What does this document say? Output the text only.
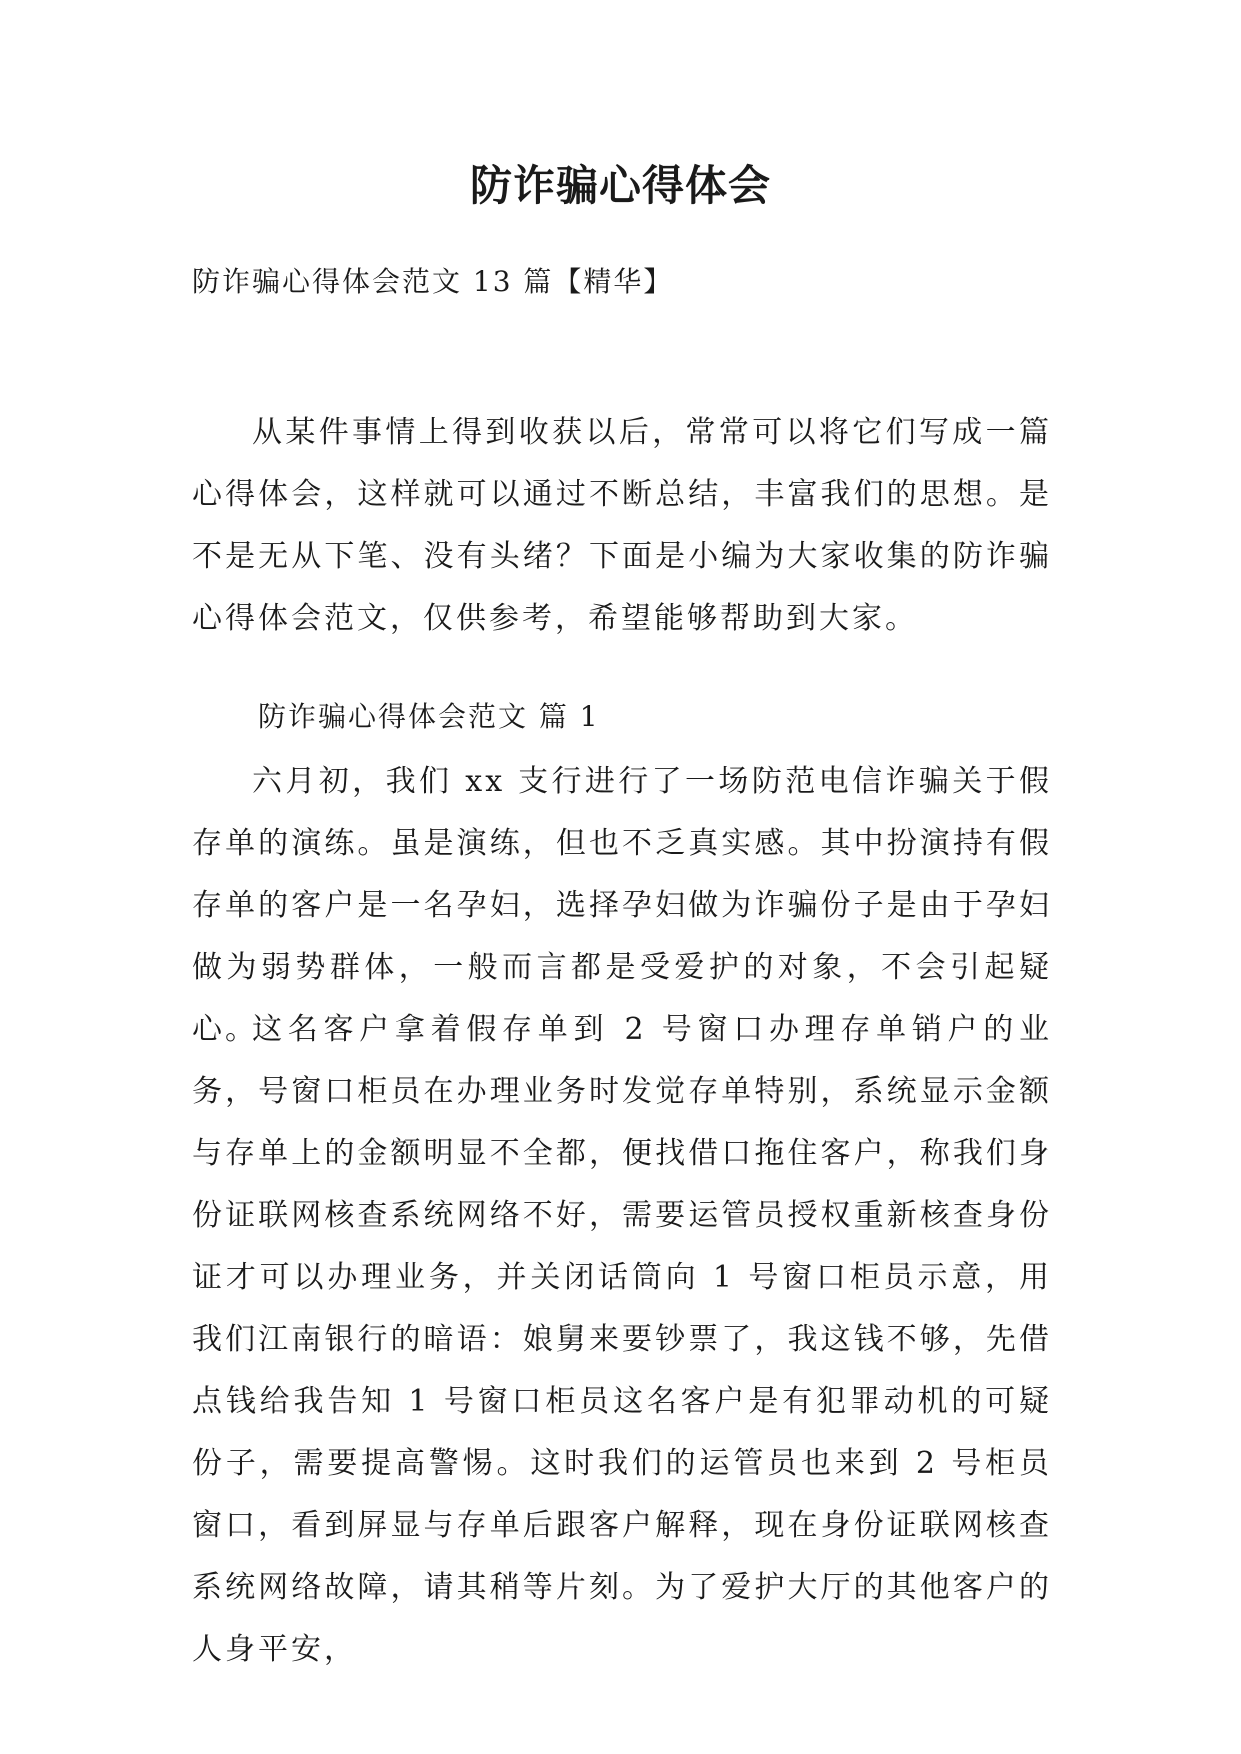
防诈骗心得体会
防诈骗心得体会范文 13 篇【精华】

从某件事情上得到收获以后，常常可以将它们写成一篇心得体会，这样就可以通过不断总结，丰富我们的思想。是不是无从下笔、没有头绪？下面是小编为大家收集的防诈骗心得体会范文，仅供参考，希望能够帮助到大家。

防诈骗心得体会范文 篇 1

六月初，我们 xx 支行进行了一场防范电信诈骗关于假存单的演练。虽是演练，但也不乏真实感。其中扮演持有假存单的客户是一名孕妇，选择孕妇做为诈骗份子是由于孕妇做为弱势群体，一般而言都是受爱护的对象，不会引起疑心。

这名客户拿着假存单到 2 号窗口办理存单销户的业务，号窗口柜员在办理业务时发觉存单特别，系统显示金额与存单上的金额明显不全都，便找借口拖住客户，称我们身份证联网核查系统网络不好，需要运管员授权重新核查身份证才可以办理业务，并关闭话筒向 1 号窗口柜员示意，用我们江南银行的暗语：娘舅来要钞票了，我这钱不够，先借点钱给我告知 1 号窗口柜员这名客户是有犯罪动机的可疑份子，需要提高警惕。这时我们的运管员也来到 2 号柜员窗口，看到屏显与存单后跟客户解释，现在身份证联网核查系统网络故障，请其稍等片刻。为了爱护大厅的其他客户的人身平安，
